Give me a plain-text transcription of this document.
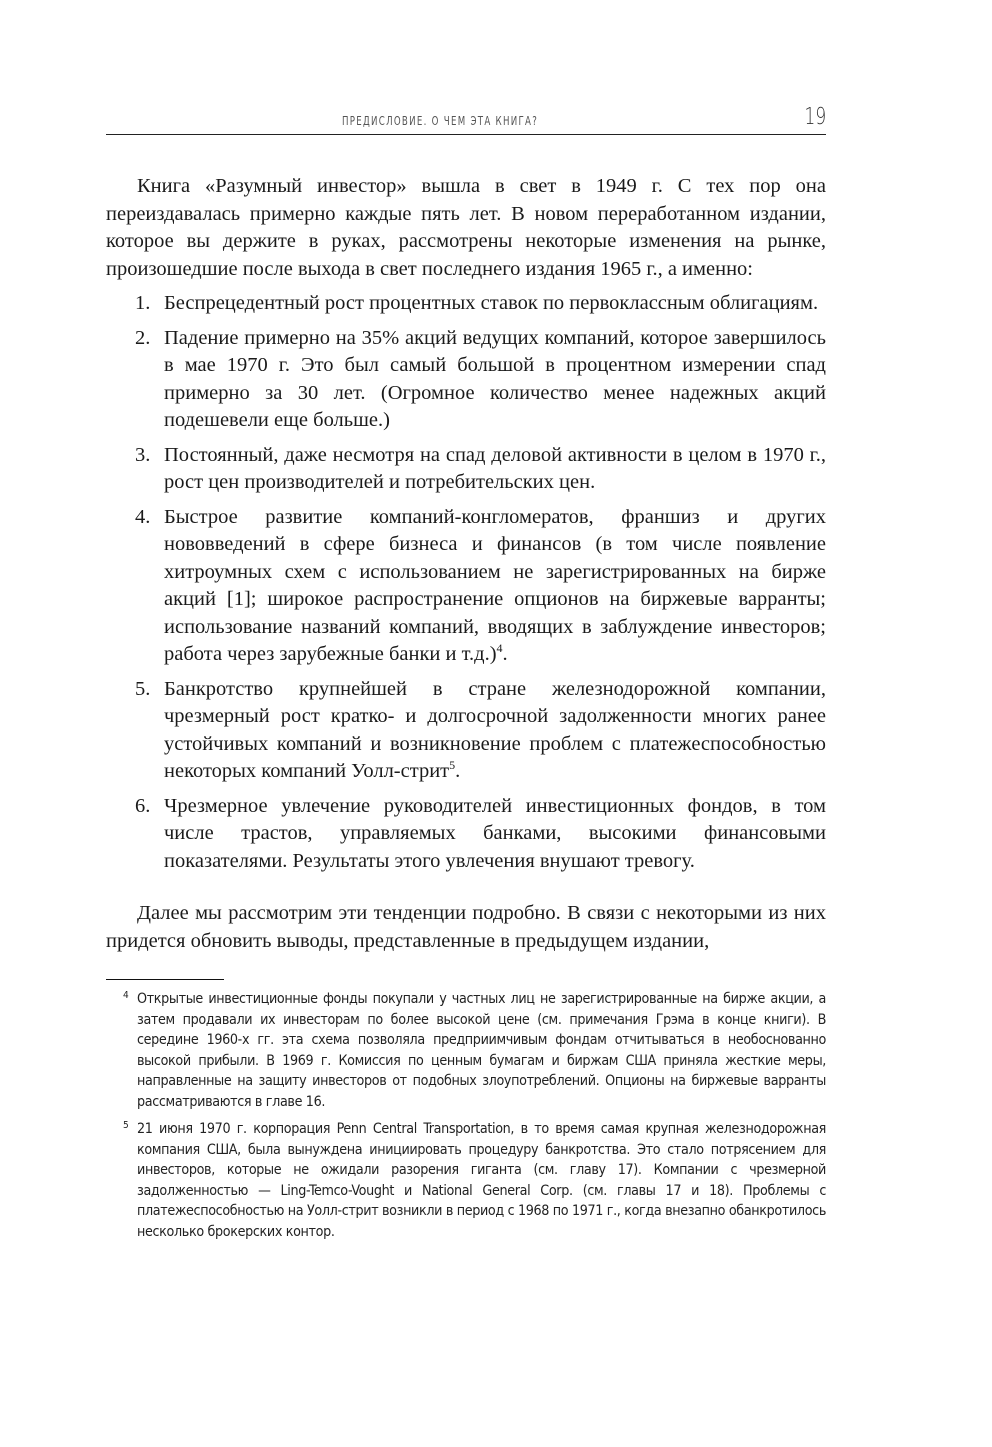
ПРЕДИСЛОВИЕ. О ЧЕМ ЭТА КНИГА?	19

Книга «Разумный инвестор» вышла в свет в 1949 г. С тех пор она переиздавалась примерно каждые пять лет. В новом переработанном издании, которое вы держите в руках, рассмотрены некоторые изменения на рынке, произошедшие после выхода в свет последнего издания 1965 г., а именно:

1. Беспрецедентный рост процентных ставок по первоклассным облигациям.
2. Падение примерно на 35% акций ведущих компаний, которое завершилось в мае 1970 г. Это был самый большой в процентном измерении спад примерно за 30 лет. (Огромное количество менее надежных акций подешевели еще больше.)
3. Постоянный, даже несмотря на спад деловой активности в целом в 1970 г., рост цен производителей и потребительских цен.
4. Быстрое развитие компаний-конгломератов, франшиз и других нововведений в сфере бизнеса и финансов (в том числе появление хитроумных схем с использованием не зарегистрированных на бирже акций [1]; широкое распространение опционов на биржевые варранты; использование названий компаний, вводящих в заблуждение инвесторов; работа через зарубежные банки и т.д.)$^4$.
5. Банкротство крупнейшей в стране железнодорожной компании, чрезмерный рост кратко- и долгосрочной задолженности многих ранее устойчивых компаний и возникновение проблем с платежеспособностью некоторых компаний Уолл-стрит$^5$.
6. Чрезмерное увлечение руководителей инвестиционных фондов, в том числе трастов, управляемых банками, высокими финансовыми показателями. Результаты этого увлечения внушают тревогу.

Далее мы рассмотрим эти тенденции подробно. В связи с некоторыми из них придется обновить выводы, представленные в предыдущем издании,

4 Открытые инвестиционные фонды покупали у частных лиц не зарегистрированные на бирже акции, а затем продавали их инвесторам по более высокой цене (см. примечания Грэма в конце книги). В середине 1960-х гг. эта схема позволяла предприимчивым фондам отчитываться в необоснованно высокой прибыли. В 1969 г. Комиссия по ценным бумагам и биржам США приняла жесткие меры, направленные на защиту инвесторов от подобных злоупотреблений. Опционы на биржевые варранты рассматриваются в главе 16.
5 21 июня 1970 г. корпорация Penn Central Transportation, в то время самая крупная железнодорожная компания США, была вынуждена инициировать процедуру банкротства. Это стало потрясением для инвесторов, которые не ожидали разорения гиганта (см. главу 17). Компании с чрезмерной задолженностью — Ling-Temco-Vought и National General Corp. (см. главы 17 и 18). Проблемы с платежеспособностью на Уолл-стрит возникли в период с 1968 по 1971 г., когда внезапно обанкротилось несколько брокерских контор.
